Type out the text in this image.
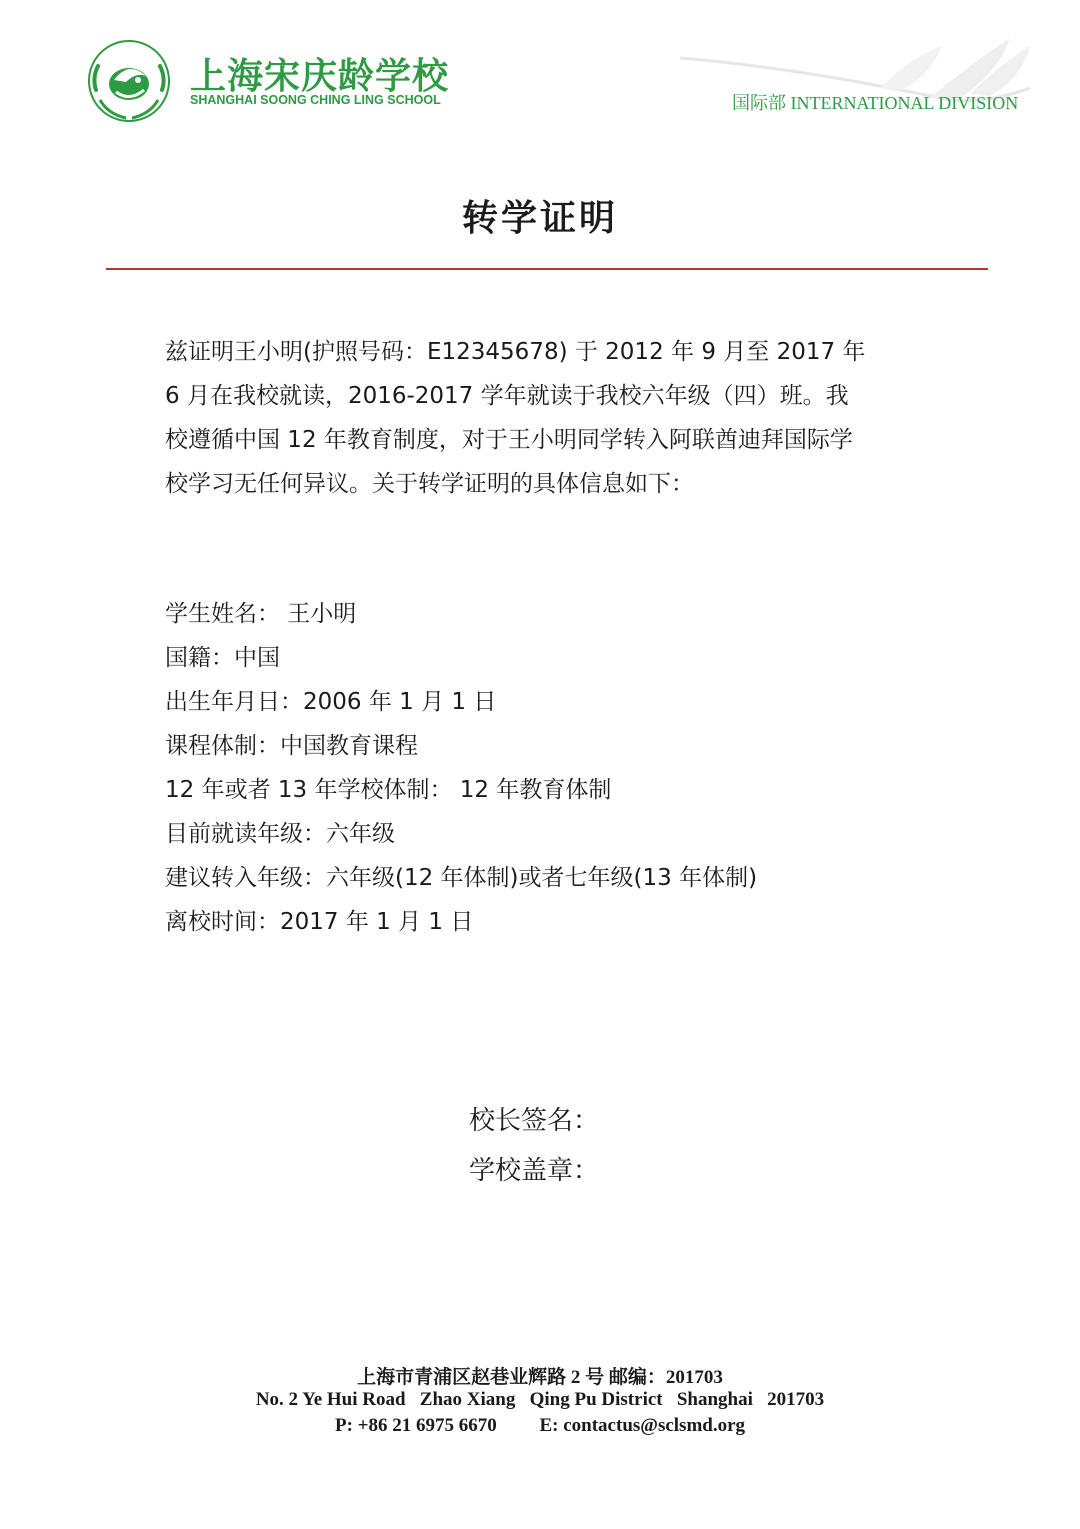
上海宋庆龄学校
SHANGHAI SOONG CHING LING SCHOOL	国际部 INTERNATIONAL DIVISION
转学证明

兹证明王小明(护照号码：E12345678) 于 2012 年 9 月至 2017 年
6 月在我校就读，2016-2017 学年就读于我校六年级（四）班。我
校遵循中国 12 年教育制度，对于王小明同学转入阿联酋迪拜国际学
校学习无任何异议。关于转学证明的具体信息如下：

学生姓名： 王小明
国籍：中国
出生年月日：2006 年 1 月 1 日
课程体制：中国教育课程
12 年或者 13 年学校体制： 12 年教育体制
目前就读年级：六年级
建议转入年级：六年级(12 年体制)或者七年级(13 年体制)
离校时间：2017 年 1 月 1 日
校长签名：
学校盖章：
上海市青浦区赵巷业辉路 2 号 邮编：201703
No. 2 Ye Hui Road   Zhao Xiang   Qing Pu District   Shanghai   201703
P: +86 21 6975 6670         E: contactus@sclsmd.org
